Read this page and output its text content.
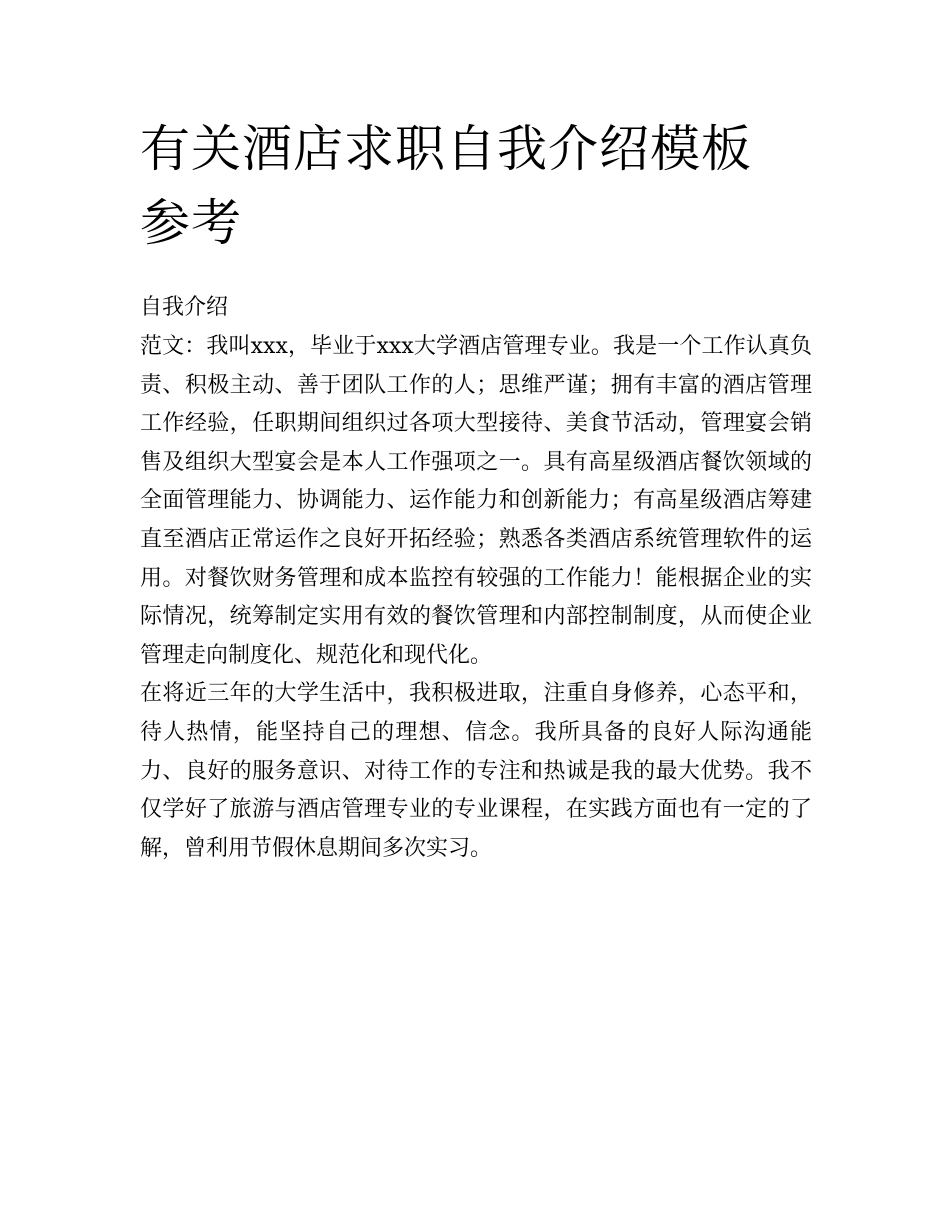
有关酒店求职自我介绍模板参考
自我介绍

范文：我叫xxx，毕业于xxx大学酒店管理专业。我是一个工作认真负责、积极主动、善于团队工作的人；思维严谨；拥有丰富的酒店管理工作经验，任职期间组织过各项大型接待、美食节活动，管理宴会销售及组织大型宴会是本人工作强项之一。具有高星级酒店餐饮领域的全面管理能力、协调能力、运作能力和创新能力；有高星级酒店筹建直至酒店正常运作之良好开拓经验；熟悉各类酒店系统管理软件的运用。对餐饮财务管理和成本监控有较强的工作能力！能根据企业的实际情况，统筹制定实用有效的餐饮管理和内部控制制度，从而使企业管理走向制度化、规范化和现代化。

在将近三年的大学生活中，我积极进取，注重自身修养，心态平和，待人热情，能坚持自己的理想、信念。我所具备的良好人际沟通能力、良好的服务意识、对待工作的专注和热诚是我的最大优势。我不仅学好了旅游与酒店管理专业的专业课程，在实践方面也有一定的了解，曾利用节假休息期间多次实习。
